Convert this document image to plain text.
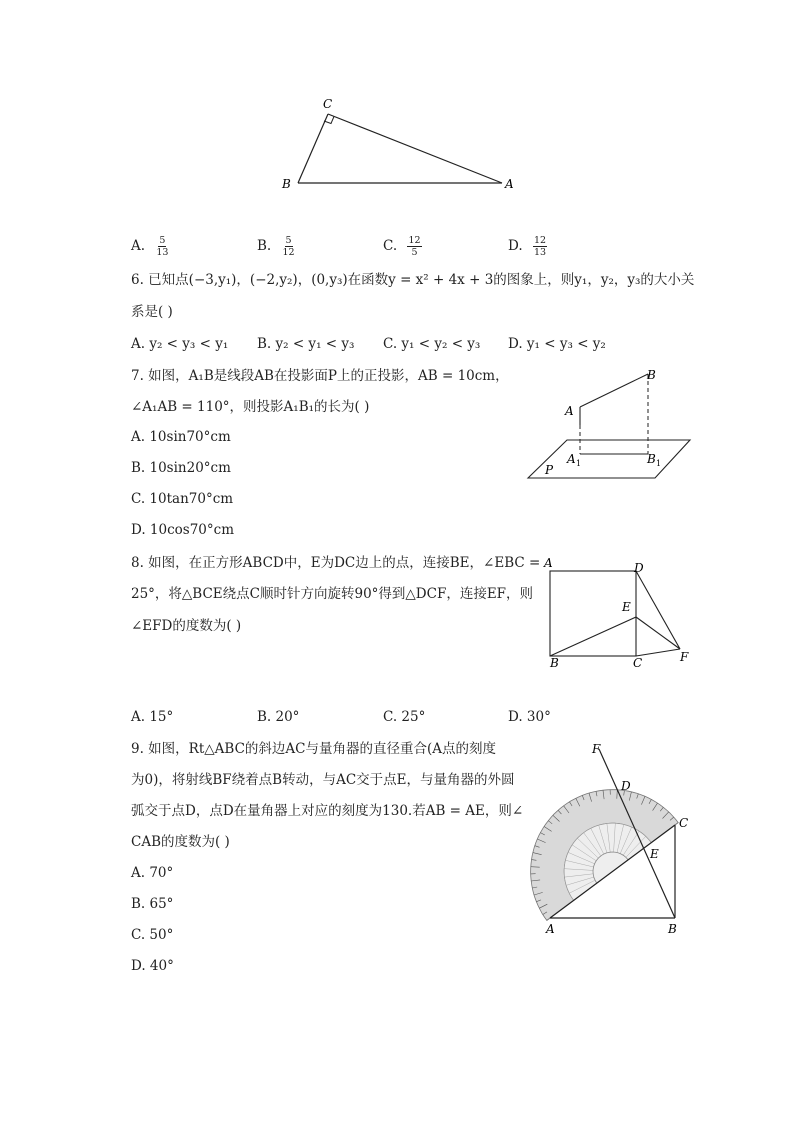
C
B	A
A. $\frac{5}{13}$	B. $\frac{5}{12}$	C. $\frac{12}{5}$	D. $\frac{12}{13}$
6. 已知点(−3,y₁)，(−2,y₂)，(0,y₃)在函数y = x² + 4x + 3的图象上，则y₁，y₂，y₃的大小关
系是( )
A. y₂ < y₃ < y₁ B. y₂ < y₁ < y₃ C. y₁ < y₂ < y₃ D. y₁ < y₃ < y₂
7. 如图，A₁B是线段AB在投影面P上的正投影，AB = 10cm，
∠A₁AB = 110°，则投影A₁B₁的长为( )
A. 10sin70°cm
B. 10sin20°cm
C. 10tan70°cm
D. 10cos70°cm
B
A
A 1	B 1
P
8. 如图，在正方形ABCD中，E为DC边上的点，连接BE，∠EBC =
25°，将△BCE绕点C顺时针方向旋转90°得到△DCF，连接EF，则
∠EFD的度数为( )
A	D
E
B	C	F
A. 15°	B. 20°	C. 25°	D. 30°
9. 如图，Rt△ABC的斜边AC与量角器的直径重合(A点的刻度
为0)，将射线BF绕着点B转动，与AC交于点E，与量角器的外圆
弧交于点D，点D在量角器上对应的刻度为130.若AB = AE，则∠
CAB的度数为( )
A. 70°
B. 65°
C. 50°
D. 40°
F
D
C
E
A	B
